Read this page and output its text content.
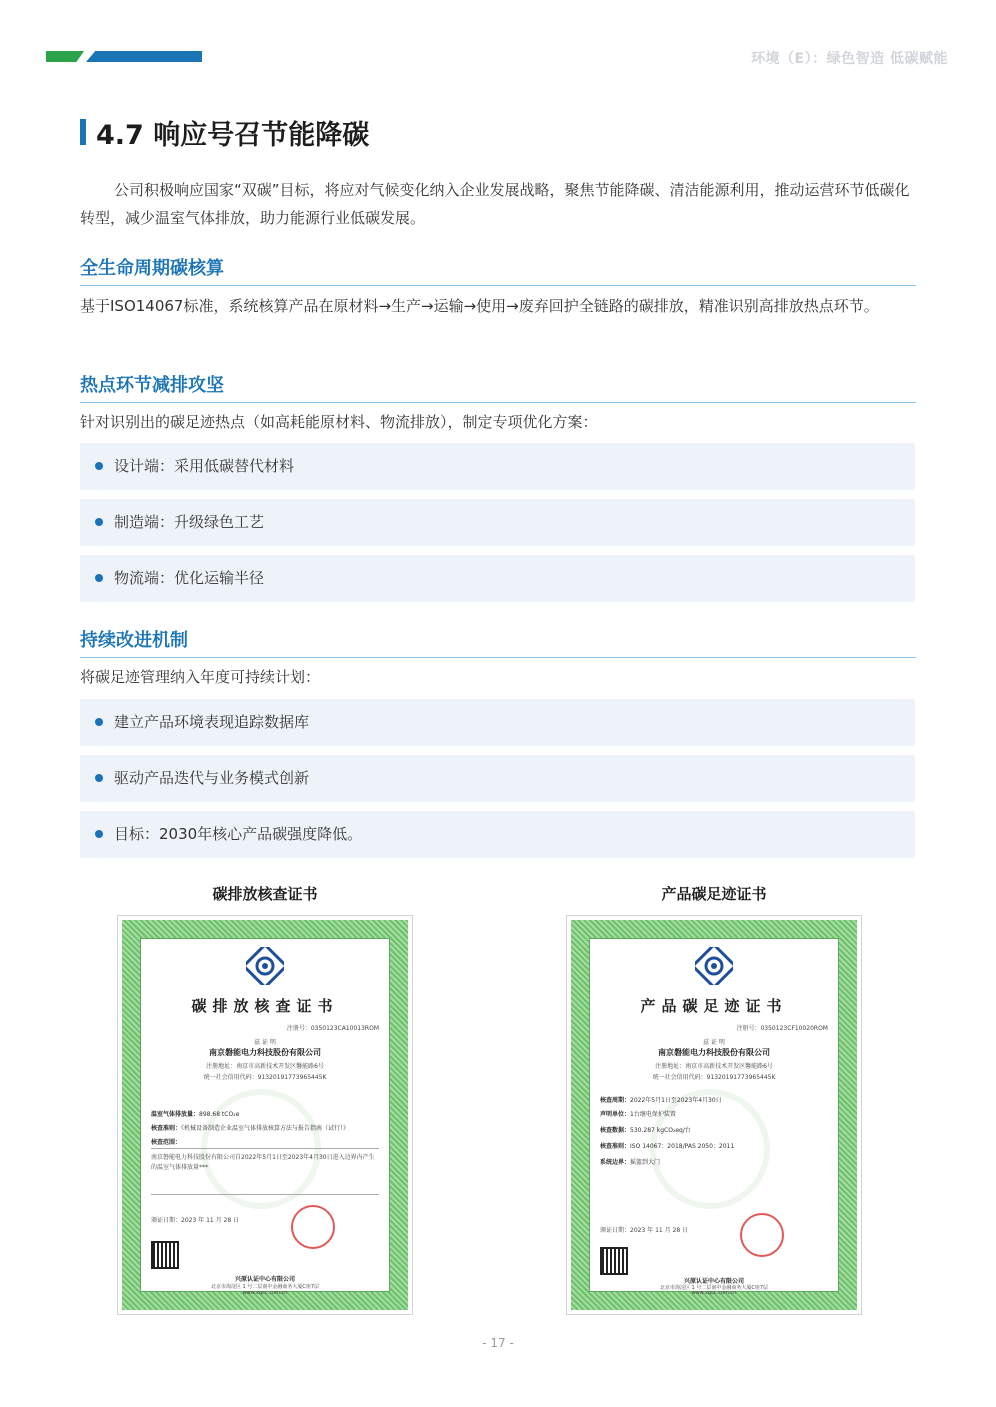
环境（E）：绿色智造 低碳赋能
4.7 响应号召节能降碳

公司积极响应国家“双碳”目标，将应对气候变化纳入企业发展战略，聚焦节能降碳、清洁能源利用，推动运营环节低碳化转型，减少温室气体排放，助力能源行业低碳发展。

全生命周期碳核算

基于ISO14067标准，系统核算产品在原材料→生产→运输→使用→废弃回护全链路的碳排放，精准识别高排放热点环节。

热点环节减排攻坚

针对识别出的碳足迹热点（如高耗能原材料、物流排放），制定专项优化方案：

设计端：采用低碳替代材料
制造端：升级绿色工艺
物流端：优化运输半径
持续改进机制

将碳足迹管理纳入年度可持续计划：

建立产品环境表现追踪数据库
驱动产品迭代与业务模式创新
目标：2030年核心产品碳强度降低。
碳排放核查证书	产品碳足迹证书
碳排放核查证书
注册号：0350123CA10013ROM
兹 证 明
南京磐能电力科技股份有限公司
注册地址：南京市高新技术开发区馨能路6号
统一社会信用代码：91320191773965445K
温室气体排放量：898.68 tCO₂e
核查准则：《机械设备制造企业温室气体排放核算方法与报告指南（试行）》
核查范围：
南京磐能电力科技股份有限公司自2022年5月1日至2023年4月30日进入边界内产生的温室气体排放量***
颁证日期：2023 年 11 月 28 日
兴原认证中心有限公司
北京市海淀区 1 号二层南中金融商务大厦C座7层
www.xqcc.com.cn
产品碳足迹证书
注册号：0350123CF10020ROM
兹 证 明
南京磐能电力科技股份有限公司
注册地址：南京市高新技术开发区馨能路6号
统一社会信用代码：91320191773965445K
核查周期：2022年5月1日至2023年4月30日
声明单位：1台继电保护装置
核查数据：530.287 kgCO₂eq/台
核查准则：ISO 14067：2018/PAS 2050：2011
系统边界：摇篮到大门
颁证日期：2023 年 11 月 28 日
兴原认证中心有限公司
北京市海淀区 1 号二层南中金融商务大厦C座7层
www.xqcc.com.cn
- 17 -
